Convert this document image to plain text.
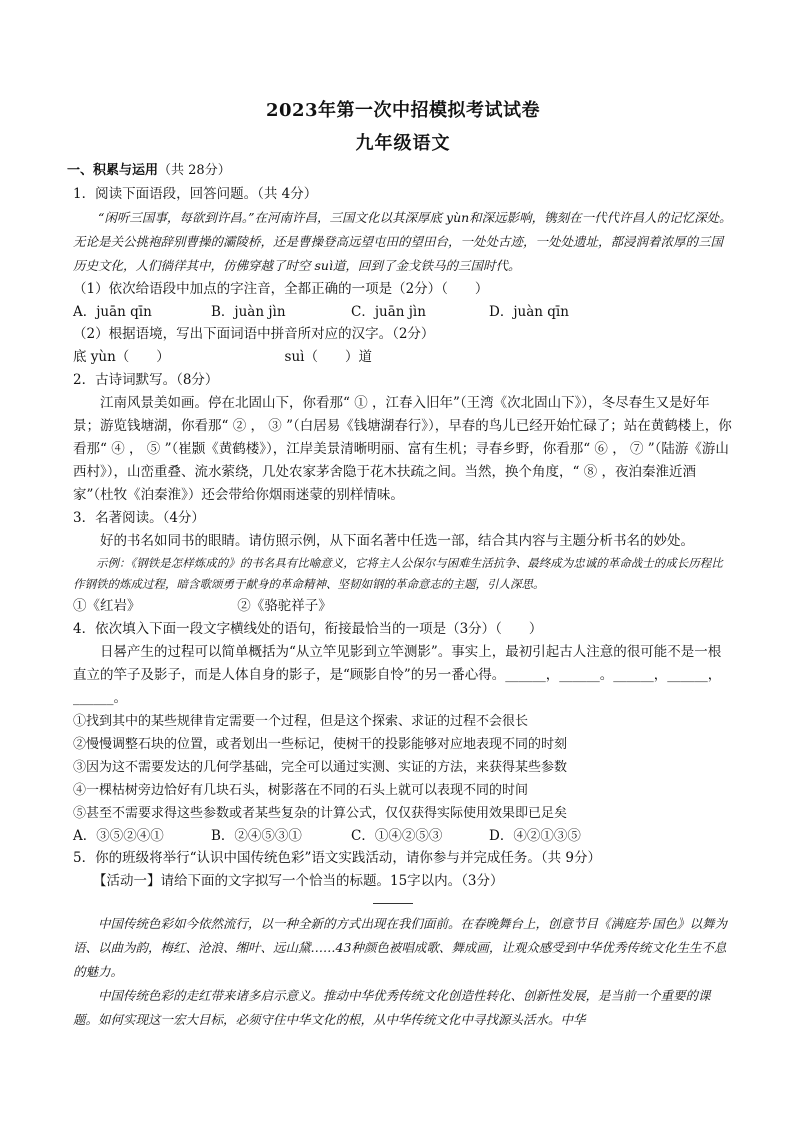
2023年第一次中招模拟考试试卷
九年级语文
一、积累与运用（共 28分）

1．阅读下面语段，回答问题。（共 4分）

“闲听三国事，每欲到许昌。”在河南许昌，三国文化以其深厚底 yùn和深远影响，镌刻在一代代许昌人的记忆深处。无论是关公挑袍辞别曹操的灞陵桥，还是曹操登高远望屯田的望田台，一处处古迹，一处处遗址，都浸润着浓厚的三国历史文化，人们徜徉其中，仿佛穿越了时空 suì道，回到了金戈铁马的三国时代。

（1）依次给语段中加点的字注音，全都正确的一项是（2分）（　　）

A．juān qīn	B．juàn jìn	C．juān jìn	D．juàn qīn

（2）根据语境，写出下面词语中拼音所对应的汉字。（2分）

底 yùn（　　）　　　　　　　　　suì（　　）道

2．古诗词默写。（8分）

江南风景美如画。停在北固山下，你看那“ ① ，江春入旧年”（王湾《次北固山下》），冬尽春生又是好年景；游览钱塘湖，你看那“ ② ， ③ ”（白居易《钱塘湖春行》），早春的鸟儿已经开始忙碌了；站在黄鹤楼上，你看那“ ④ ， ⑤ ”（崔颢《黄鹤楼》），江岸美景清晰明丽、富有生机；寻春乡野，你看那“ ⑥ ， ⑦ ”（陆游《游山西村》），山峦重叠、流水萦绕，几处农家茅舍隐于花木扶疏之间。当然，换个角度，“ ⑧ ，夜泊秦淮近酒家”（杜牧《泊秦淮》）还会带给你烟雨迷蒙的别样情味。

3．名著阅读。（4分）

好的书名如同书的眼睛。请仿照示例，从下面名著中任选一部，结合其内容与主题分析书名的妙处。

示例：《钢铁是怎样炼成的》的书名具有比喻意义，它将主人公保尔与困难生活抗争、最终成为忠诚的革命战士的成长历程比作钢铁的炼成过程，暗含歌颂勇于献身的革命精神、坚韧如钢的革命意志的主题，引人深思。

①《红岩》	②《骆驼祥子》

4．依次填入下面一段文字横线处的语句，衔接最恰当的一项是（3分）（　　）

日晷产生的过程可以简单概括为“从立竿见影到立竿测影”。事实上，最初引起古人注意的很可能不是一根直立的竿子及影子，而是人体自身的影子，是“顾影自怜”的另一番心得。______，______。______，______，______。

①找到其中的某些规律肯定需要一个过程，但是这个探索、求证的过程不会很长

②慢慢调整石块的位置，或者划出一些标记，使树干的投影能够对应地表现不同的时刻

③因为这不需要发达的几何学基础，完全可以通过实测、实证的方法，来获得某些参数

④一棵枯树旁边恰好有几块石头，树影落在不同的石头上就可以表现不同的时间

⑤甚至不需要求得这些参数或者某些复杂的计算公式，仅仅获得实际使用效果即已足矣

A．③⑤②④①	B．②④⑤③①	C．①④②⑤③	D．④②①③⑤

5．你的班级将举行“认识中国传统色彩”语文实践活动，请你参与并完成任务。（共 9分）

【活动一】请给下面的文字拟写一个恰当的标题。15字以内。（3分）

中国传统色彩如今依然流行，以一种全新的方式出现在我们面前。在春晚舞台上，创意节目《满庭芳·国色》以舞为语、以曲为韵，梅红、沧浪、缃叶、远山黛……43种颜色被唱成歌、舞成画，让观众感受到中华优秀传统文化生生不息的魅力。

中国传统色彩的走红带来诸多启示意义。推动中华优秀传统文化创造性转化、创新性发展，是当前一个重要的课题。如何实现这一宏大目标，必须守住中华文化的根，从中华传统文化中寻找源头活水。中华
